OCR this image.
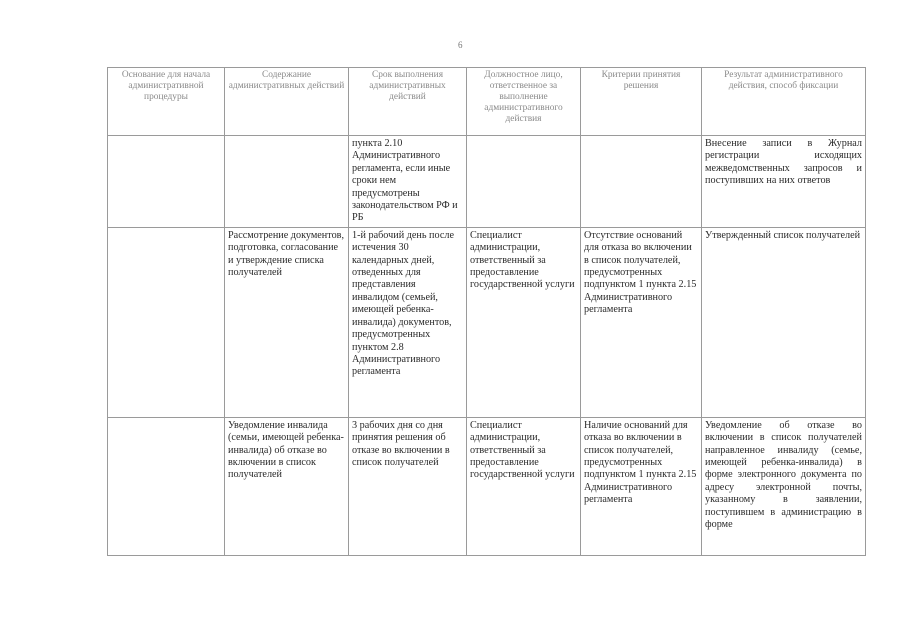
6
Основание для начала административной процедуры	Содержание административных действий	Срок выполнения административных действий	Должностное лицо, ответственное за выполнение административного действия	Критерии принятия решения	Результат административного действия, способ фиксации
		пункта 2.10 Административного регламента, если иные сроки нем предусмотрены законодательством РФ и РБ			Внесение записи в Журнал регистрации исходящих межведомственных запросов и поступивших на них ответов
	Рассмотрение документов, подготовка, согласование и утверждение списка получателей	1-й рабочий день после истечения 30 календарных дней, отведенных для представления инвалидом (семьей, имеющей ребенка-инвалида) документов, предусмотренных пунктом 2.8 Административного регламента	Специалист администрации, ответственный за предоставление государственной услуги	Отсутствие оснований для отказа во включении в список получателей, предусмотренных подпунктом 1 пункта 2.15 Административного регламента	Утвержденный список получателей
	Уведомление инвалида (семьи, имеющей ребенка-инвалида) об отказе во включении в список получателей	3 рабочих дня со дня принятия решения об отказе во включении в список получателей	Специалист администрации, ответственный за предоставление государственной услуги	Наличие оснований для отказа во включении в список получателей, предусмотренных подпунктом 1 пункта 2.15 Административного регламента	Уведомление об отказе во включении в список получателей направленное инвалиду (семье, имеющей ребенка-инвалида) в форме электронного документа по адресу электронной почты, указанному в заявлении, поступившем в администрацию в форме
